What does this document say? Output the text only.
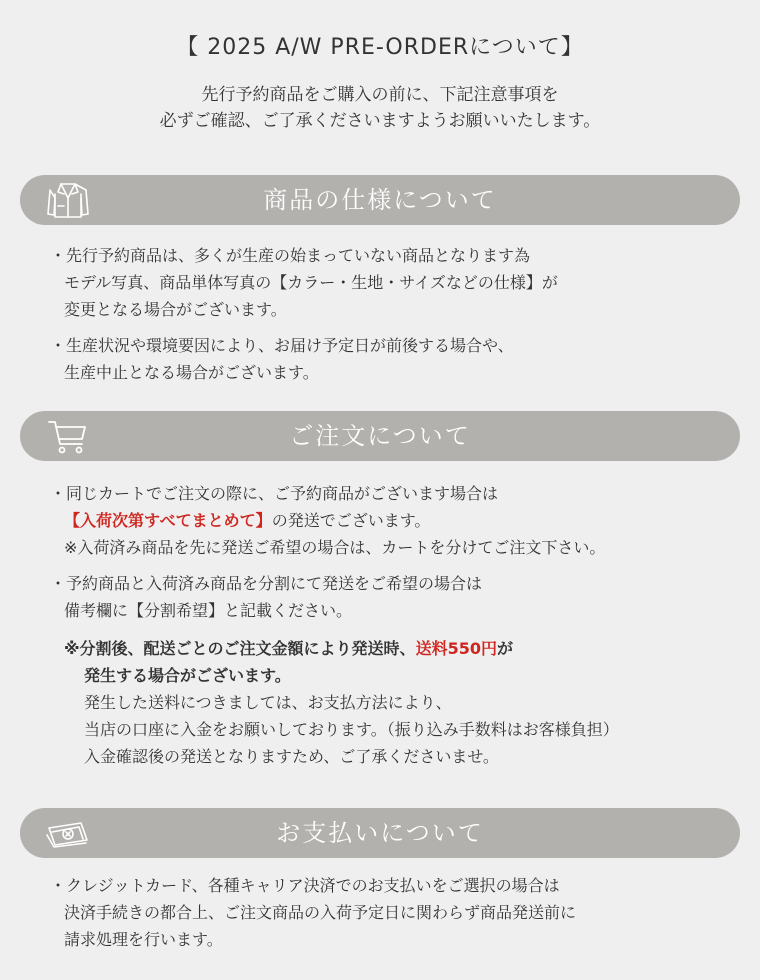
【 2025 A/W PRE-ORDERについて】
先行予約商品をご購入の前に、下記注意事項を
必ずご確認、ご了承くださいますようお願いいたします。
商品の仕様について
・先行予約商品は、多くが生産の始まっていない商品となります為
モデル写真、商品単体写真の【カラー・生地・サイズなどの仕様】が
変更となる場合がございます。
・生産状況や環境要因により、お届け予定日が前後する場合や、
生産中止となる場合がございます。
ご注文について
・同じカートでご注文の際に、ご予約商品がございます場合は
【入荷次第すべてまとめて】の発送でございます。
※入荷済み商品を先に発送ご希望の場合は、カートを分けてご注文下さい。
・予約商品と入荷済み商品を分割にて発送をご希望の場合は
備考欄に【分割希望】と記載ください。
※分割後、配送ごとのご注文金額により発送時、送料550円が
発生する場合がございます。
発生した送料につきましては、お支払方法により、
当店の口座に入金をお願いしております。（振り込み手数料はお客様負担）
入金確認後の発送となりますため、ご了承くださいませ。
お支払いについて
・クレジットカード、各種キャリア決済でのお支払いをご選択の場合は
決済手続きの都合上、ご注文商品の入荷予定日に関わらず商品発送前に
請求処理を行います。
